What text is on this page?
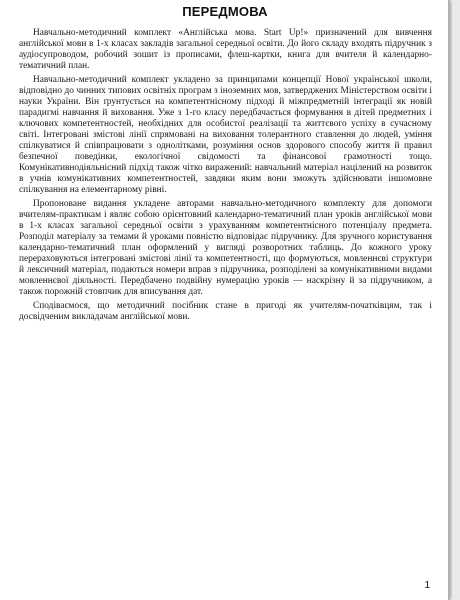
ПЕРЕДМОВА

Навчально-методичний комплект «Англійська мова. Start Up!» призначений для вивчення англійської мови в 1-х класах закладів загальної середньої освіти. До його складу входять підручник з аудіосупроводом, робочий зошит із прописами, флеш-картки, книга для вчителя й календарно-тематичний план.

Навчально-методичний комплект укладено за принципами концепції Нової української школи, відповідно до чинних типових освітніх програм з іноземних мов, затверджених Міністерством освіти і науки України. Він ґрунтується на компетентнісному підході й міжпредметній інтеграції як новій парадигмі навчання й виховання. Уже з 1-го класу передбачається формування в дітей предметних і ключових компетентностей, необхідних для особистої реалізації та життєвого успіху в сучасному світі. Інтегровані змістові лінії спрямовані на виховання толерантного ставлення до людей, уміння спілкуватися й співпрацювати з однолітками, розуміння основ здорового способу життя й правил безпечної поведінки, екологічної свідомості та фінансової грамотності тощо. Комунікативнодіяльнісний підхід також чітко виражений: навчальний матеріал націлений на розвиток в учнів комунікативних компетентностей, завдяки яким вони зможуть здійснювати іншомовне спілкування на елементарному рівні.

Пропоноване видання укладене авторами навчально-методичного комплекту для допомоги вчителям-практикам і являє собою орієнтовний календарно-тематичний план уроків англійської мови в 1-х класах загальної середньої освіти з урахуванням компетентнісного потенціалу предмета. Розподіл матеріалу за темами й уроками повністю відповідає підручнику. Для зручного користування календарно-тематичний план оформлений у вигляді розворотних таблиць. До кожного уроку перераховуються інтегровані змістові лінії та компетентності, що формуються, мовленнєві структури й лексичний матеріал, подаються номери вправ з підручника, розподілені за комунікативними видами мовленнєвої діяльності. Передбачено подвійну нумерацію уроків — наскрізну й за підручником, а також порожній стовпчик для вписування дат.

Сподіваємося, що методичний посібник стане в пригоді як учителям-початківцям, так і досвідченим викладачам англійської мови.

1
